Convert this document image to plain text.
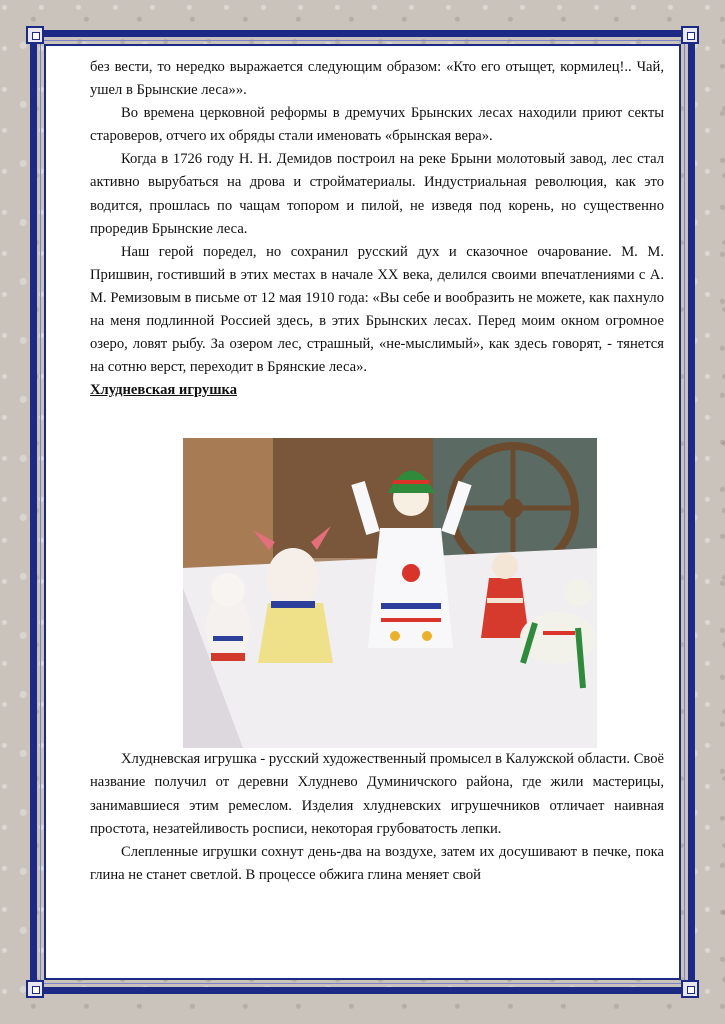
без вести, то нередко выражается следующим образом: «Кто его отыщет, кормилец!.. Чай, ушел в Брынские леса»».

Во времена церковной реформы в дремучих Брынских лесах находили приют секты староверов, отчего их обряды стали именовать «брынская вера».

Когда в 1726 году Н. Н. Демидов построил на реке Брыни молотовый завод, лес стал активно вырубаться на дрова и стройматериалы. Индустриальная революция, как это водится, прошлась по чащам топором и пилой, не изведя под корень, но существенно проредив Брынские леса.

Наш герой поредел, но сохранил русский дух и сказочное очарование. М. М. Пришвин, гостивший в этих местах в начале XX века, делился своими впечатлениями с А. М. Ремизовым в письме от 12 мая 1910 года: «Вы себе и вообразить не можете, как пахнуло на меня подлинной Россией здесь, в этих Брынских лесах. Перед моим окном огромное озеро, ловят рыбу. За озером лес, страшный, «не-мыслимый», как здесь говорят, - тянется на сотню верст, переходит в Брянские леса».

Хлудневская игрушка

Хлудневская игрушка - русский художественный промысел в Калужской области. Своё название получил от деревни Хлуднево Думиничского района, где жили мастерицы, занимавшиеся этим ремеслом. Изделия хлудневских игрушечников отличает наивная простота, незатейливость росписи, некоторая грубоватость лепки.

Слепленные игрушки сохнут день-два на воздухе, затем их досушивают в печке, пока глина не станет светлой. В процессе обжига глина меняет свой
